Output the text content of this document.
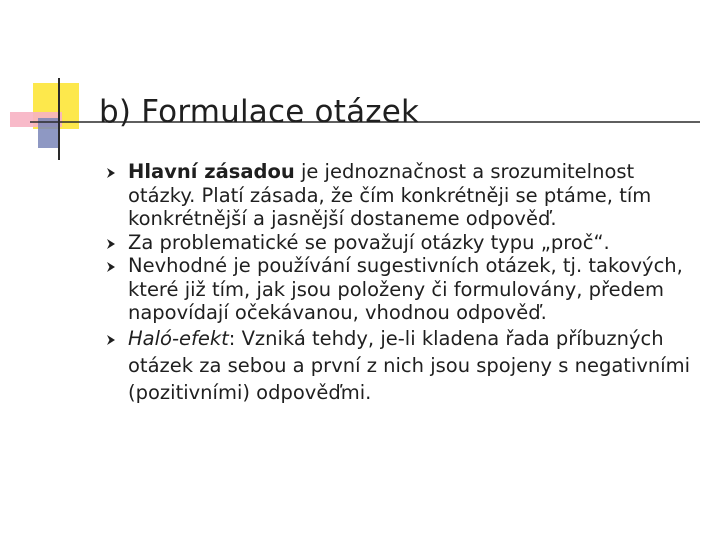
b) Formulace otázek
Hlavní zásadou je jednoznačnost a srozumitelnost otázky. Platí zásada, že čím konkrétněji se ptáme, tím konkrétnější a jasnější dostaneme odpověď.
Za problematické se považují otázky typu „proč“.
Nevhodné je používání sugestivních otázek, tj. takových, které již tím, jak jsou položeny či formulovány, předem napovídají očekávanou, vhodnou odpověď.
Haló-efekt: Vzniká tehdy, je-li kladena řada příbuzných otázek za sebou a první z nich jsou spojeny s negativními (pozitivními) odpověďmi.
